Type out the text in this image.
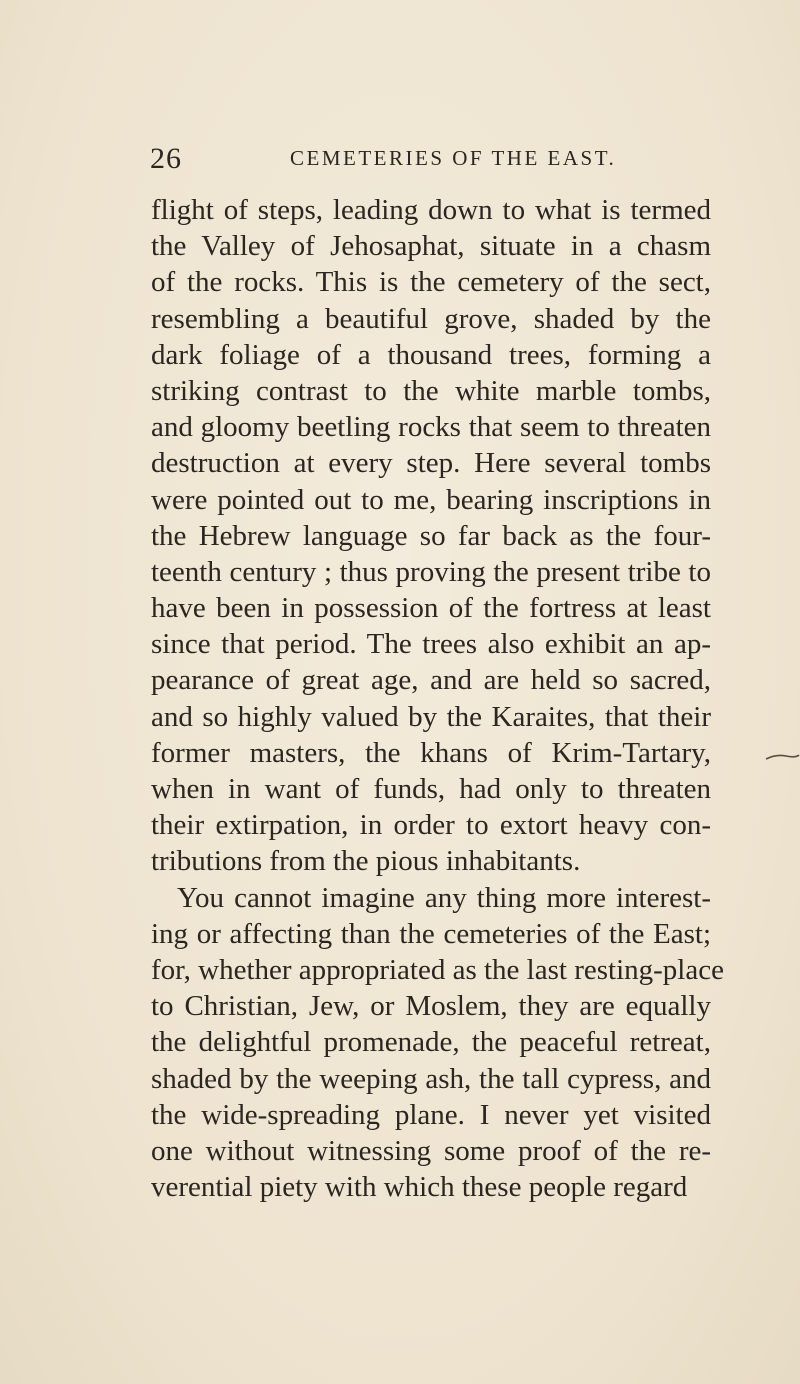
26	CEMETERIES OF THE EAST.
flight of steps, leading down to what is termed
the Valley of Jehosaphat, situate in a chasm
of the rocks. This is the cemetery of the sect,
resembling a beautiful grove, shaded by the
dark foliage of a thousand trees, forming a
striking contrast to the white marble tombs,
and gloomy beetling rocks that seem to threaten
destruction at every step. Here several tombs
were pointed out to me, bearing inscriptions in
the Hebrew language so far back as the four-
teenth century ; thus proving the present tribe to
have been in possession of the fortress at least
since that period. The trees also exhibit an ap-
pearance of great age, and are held so sacred,
and so highly valued by the Karaites, that their
former masters, the khans of Krim-Tartary,
when in want of funds, had only to threaten
their extirpation, in order to extort heavy con-
tributions from the pious inhabitants.
You cannot imagine any thing more interest-
ing or affecting than the cemeteries of the East;
for, whether appropriated as the last resting-place
to Christian, Jew, or Moslem, they are equally
the delightful promenade, the peaceful retreat,
shaded by the weeping ash, the tall cypress, and
the wide-spreading plane. I never yet visited
one without witnessing some proof of the re-
verential piety with which these people regard
